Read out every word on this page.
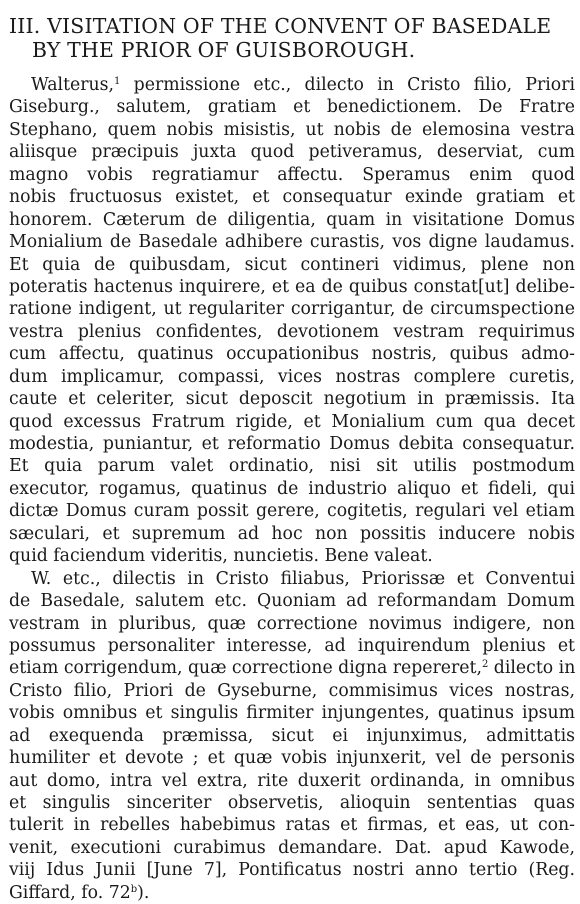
III. VISITATION OF THE CONVENT OF BASEDALE
BY THE PRIOR OF GUISBOROUGH.
Walterus,$^1$ permissione etc., dilecto in Cristo filio, Priori
Giseburg., salutem, gratiam et benedictionem. De Fratre
Stephano, quem nobis misistis, ut nobis de elemosina vestra
aliisque præcipuis juxta quod petiveramus, deserviat, cum
magno vobis regratiamur affectu. Speramus enim quod
nobis fructuosus existet, et consequatur exinde gratiam et
honorem. Cæterum de diligentia, quam in visitatione Domus
Monialium de Basedale adhibere curastis, vos digne laudamus.
Et quia de quibusdam, sicut contineri vidimus, plene non
poteratis hactenus inquirere, et ea de quibus constat[ut] delibe-
ratione indigent, ut regulariter corrigantur, de circumspectione
vestra plenius confidentes, devotionem vestram requirimus
cum affectu, quatinus occupationibus nostris, quibus admo-
dum implicamur, compassi, vices nostras complere curetis,
caute et celeriter, sicut deposcit negotium in præmissis. Ita
quod excessus Fratrum rigide, et Monialium cum qua decet
modestia, puniantur, et reformatio Domus debita consequatur.
Et quia parum valet ordinatio, nisi sit utilis postmodum
executor, rogamus, quatinus de industrio aliquo et fideli, qui
dictæ Domus curam possit gerere, cogitetis, regulari vel etiam
sæculari, et supremum ad hoc non possitis inducere nobis
quid faciendum videritis, nuncietis. Bene valeat.
W. etc., dilectis in Cristo filiabus, Priorissæ et Conventui
de Basedale, salutem etc. Quoniam ad reformandam Domum
vestram in pluribus, quæ correctione novimus indigere, non
possumus personaliter interesse, ad inquirendum plenius et
etiam corrigendum, quæ correctione digna repereret,$^2$ dilecto in
Cristo filio, Priori de Gyseburne, commisimus vices nostras,
vobis omnibus et singulis firmiter injungentes, quatinus ipsum
ad exequenda præmissa, sicut ei injunximus, admittatis
humiliter et devote ; et quæ vobis injunxerit, vel de personis
aut domo, intra vel extra, rite duxerit ordinanda, in omnibus
et singulis sinceriter observetis, alioquin sententias quas
tulerit in rebelles habebimus ratas et firmas, et eas, ut con-
venit, executioni curabimus demandare. Dat. apud Kawode,
viij Idus Junii [June 7], Pontificatus nostri anno tertio (Reg.
Giffard, fo. 72$^b$).
